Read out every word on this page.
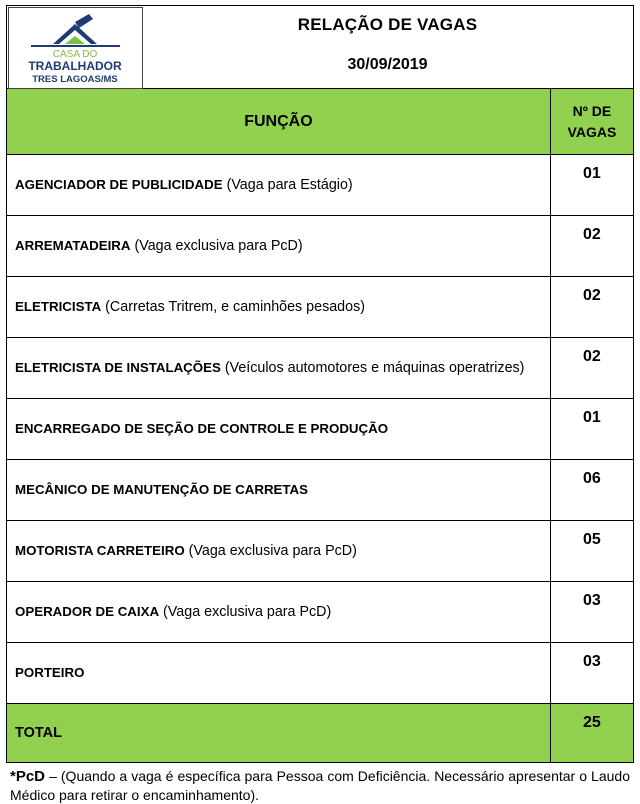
CASA DO
TRABALHADOR
TRES LAGOAS/MS
RELAÇÃO DE VAGAS
30/09/2019	

FUNÇÃO	Nº DE
VAGAS

AGENCIADOR DE PUBLICIDADE (Vaga para Estágio)	01
ARREMATADEIRA (Vaga exclusiva para PcD)	02
ELETRICISTA (Carretas Tritrem, e caminhões pesados)	02
ELETRICISTA DE INSTALAÇÕES (Veículos automotores e máquinas operatrizes)	02
ENCARREGADO DE SEÇÃO DE CONTROLE E PRODUÇÃO	01
MECÂNICO DE MANUTENÇÃO DE CARRETAS	06
MOTORISTA CARRETEIRO (Vaga exclusiva para PcD)	05
OPERADOR DE CAIXA (Vaga exclusiva para PcD)	03
PORTEIRO	03
TOTAL	25
*PcD – (Quando a vaga é específica para Pessoa com Deficiência. Necessário apresentar o Laudo Médico para retirar o encaminhamento).
